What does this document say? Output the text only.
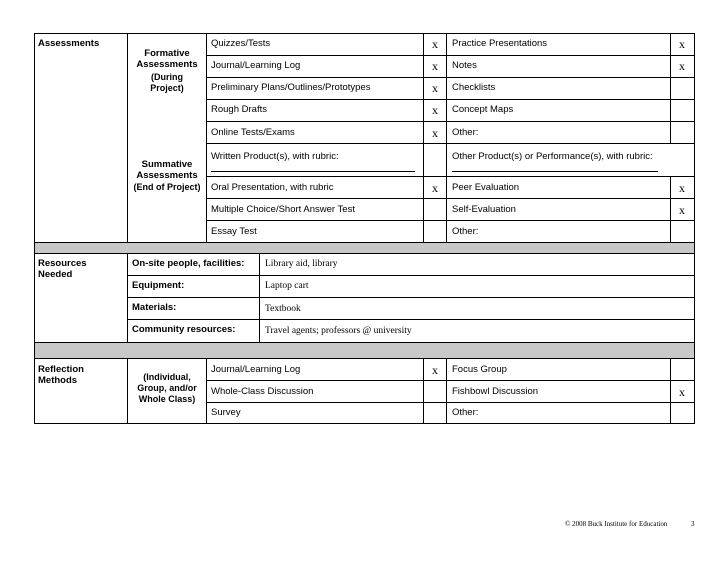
Assessments
Formative Assessments
(During Project)
Summative Assessments
(End of Project)
Quizzes/Tests	x Practice Presentations	x
Journal/Learning Log	x Notes	x
Preliminary Plans/Outlines/Prototypes	x Checklists
Rough Drafts	x Concept Maps
Online Tests/Exams	x Other:
Written Product(s), with rubric:	Other Product(s) or Performance(s), with rubric:
Oral Presentation, with rubric	x Peer Evaluation	x
Multiple Choice/Short Answer Test	Self-Evaluation	x
Essay Test	Other:
Resources Needed
On-site people, facilities: Library aid, library
Equipment:	Laptop cart
Materials:	Textbook
Community resources:	Travel agents; professors @ university
Reflection Methods	(Individual, Group, and/or Whole Class)
Journal/Learning Log	x Focus Group
Whole-Class Discussion	Fishbowl Discussion	x
Survey	Other:
© 2008 Buck Institute for Education	3
